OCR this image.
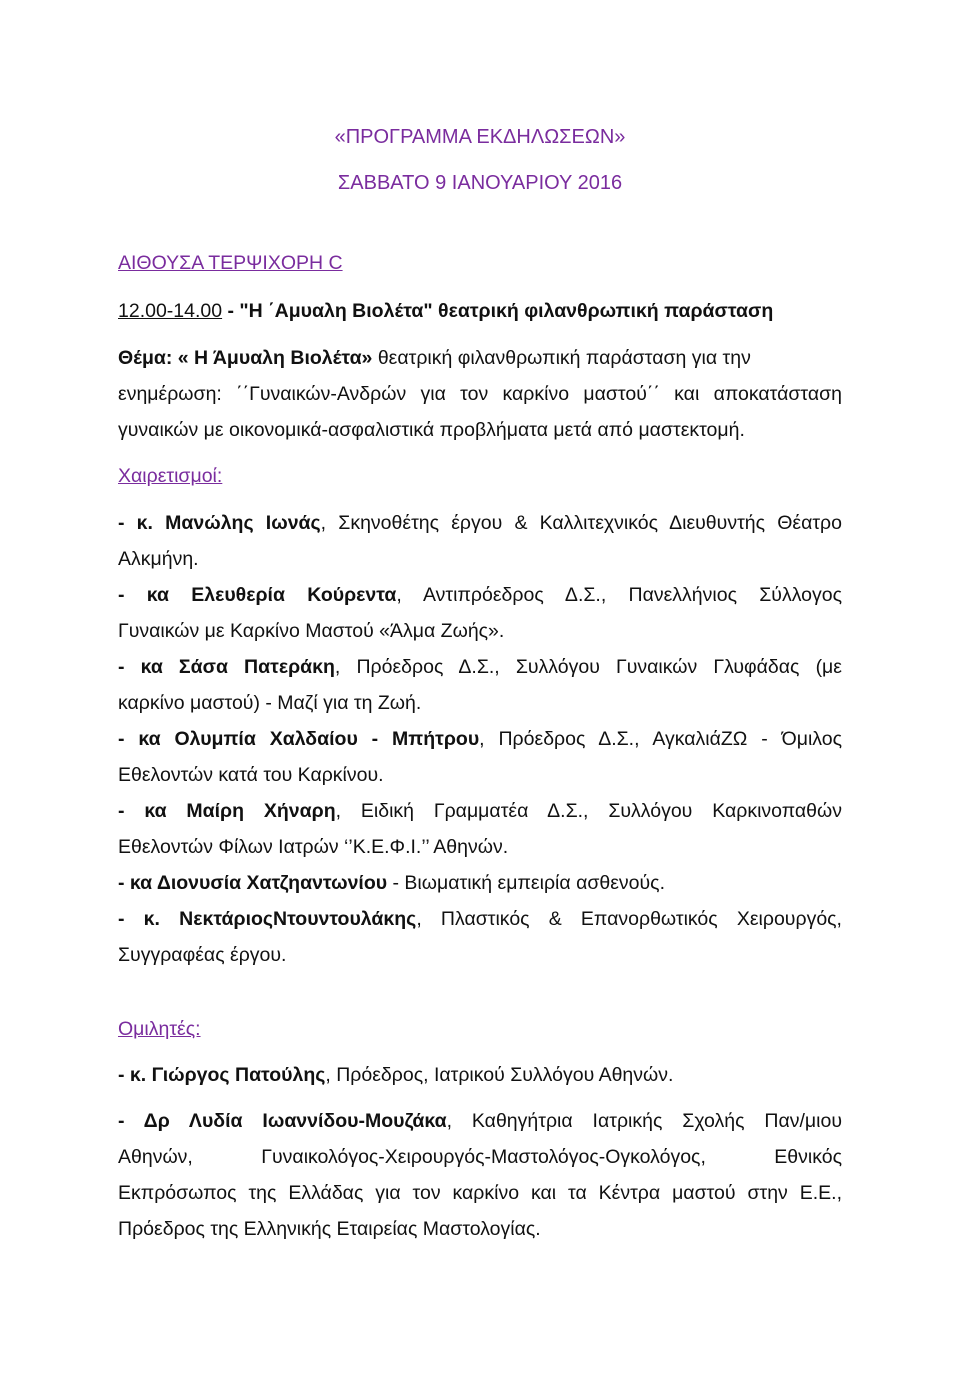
«ΠΡΟΓΡΑΜΜΑ ΕΚΔΗΛΩΣΕΩΝ»

ΣΑΒΒΑΤΟ 9 ΙΑΝΟΥΑΡΙΟΥ 2016

ΑΙΘΟΥΣΑ ΤΕΡΨΙΧΟΡΗ C

12.00-14.00 - "Η ΄Αμυαλη Βιολέτα" θεατρική φιλανθρωπική παράσταση

Θέμα: « Η Άμυαλη Βιολέτα» θεατρική φιλανθρωπική παράσταση για την

ενημέρωση: ΄΄Γυναικών-Ανδρών για τον καρκίνο μαστού΄΄ και αποκατάσταση

γυναικών με οικονομικά-ασφαλιστικά προβλήματα μετά από μαστεκτομή.

Χαιρετισμοί:

- κ. Μανώλης Ιωνάς, Σκηνοθέτης έργου & Καλλιτεχνικός Διευθυντής Θέατρο

Αλκμήνη.

- κα Ελευθερία Κούρεντα, Αντιπρόεδρος Δ.Σ., Πανελλήνιος Σύλλογος

Γυναικών με Καρκίνο Μαστού «Άλμα Ζωής».

- κα Σάσα Πατεράκη, Πρόεδρος Δ.Σ., Συλλόγου Γυναικών Γλυφάδας (με

καρκίνο μαστού) - Μαζί για τη Ζωή.

- κα Ολυμπία Χαλδαίου - Μπήτρου, Πρόεδρος Δ.Σ., ΑγκαλιάΖΩ - Όμιλος

Εθελοντών κατά του Καρκίνου.

- κα Μαίρη Χήναρη, Ειδική Γραμματέα Δ.Σ., Συλλόγου Καρκινοπαθών

Εθελοντών Φίλων Ιατρών ‘’Κ.Ε.Φ.Ι.’’ Αθηνών.

- κα Διονυσία Χατζηαντωνίου - Βιωματική εμπειρία ασθενούς.

- κ. ΝεκτάριοςΝτουντουλάκης, Πλαστικός & Επανορθωτικός Χειρουργός,

Συγγραφέας έργου.

Ομιλητές:

- κ. Γιώργος Πατούλης, Πρόεδρος, Ιατρικού Συλλόγου Αθηνών.

- Δρ Λυδία Ιωαννίδου-Μουζάκα, Καθηγήτρια Ιατρικής Σχολής Παν/μιου

Αθηνών, Γυναικολόγος-Χειρουργός-Μαστολόγος-Ογκολόγος, Εθνικός

Εκπρόσωπος της Ελλάδας για τον καρκίνο και τα Κέντρα μαστού στην Ε.Ε.,

Πρόεδρος της Ελληνικής Εταιρείας Μαστολογίας.
